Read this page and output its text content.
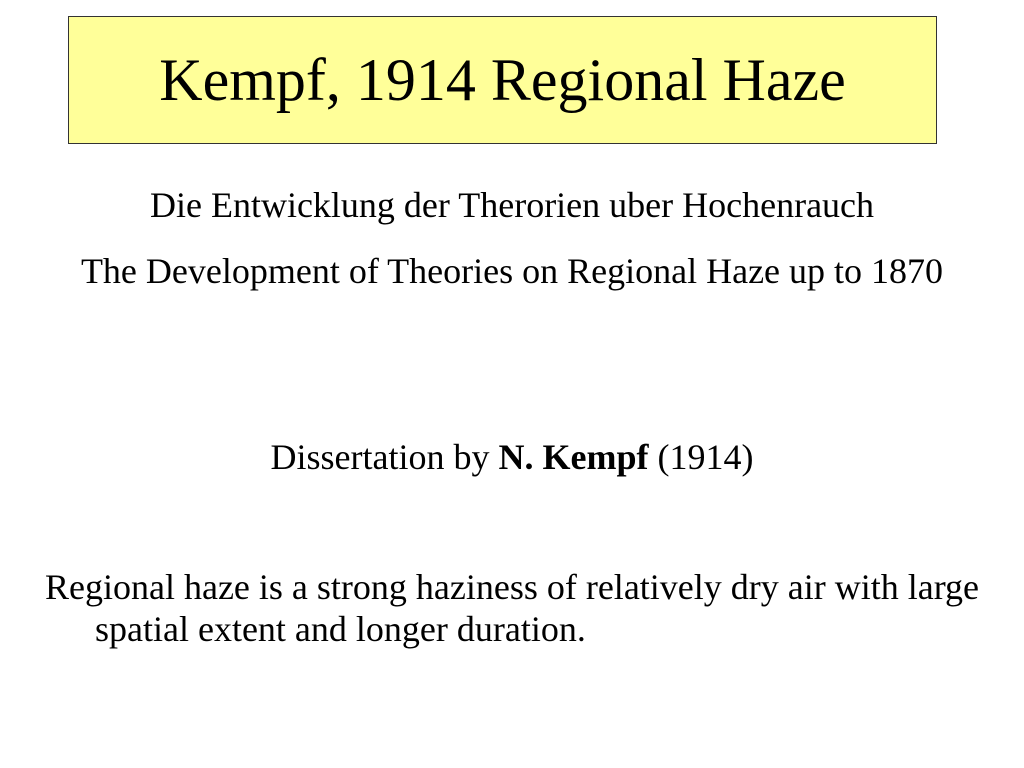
Kempf, 1914 Regional Haze
Die Entwicklung der Therorien uber Hochenrauch
The Development of Theories on Regional Haze up to 1870
Dissertation by N. Kempf (1914)
Regional haze is a strong haziness of relatively dry air with large spatial extent and longer duration.
